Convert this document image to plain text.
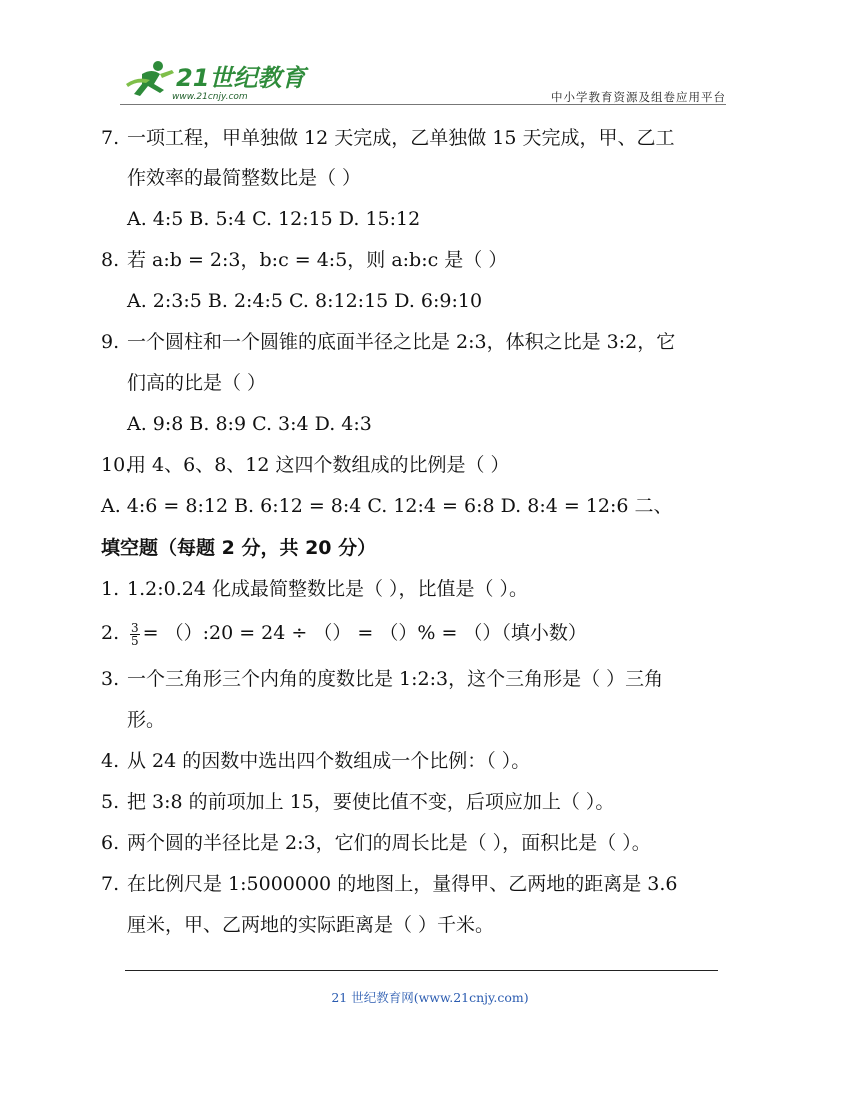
21世纪教育
www.21cnjy.com	中小学教育资源及组卷应用平台
7. 一项工程，甲单独做 12 天完成，乙单独做 15 天完成，甲、乙工
作效率的最简整数比是（ ）
A. 4:5 B. 5:4 C. 12:15 D. 15:12
8. 若 a:b = 2:3，b:c = 4:5，则 a:b:c 是（ ）
A. 2:3:5 B. 2:4:5 C. 8:12:15 D. 6:9:10
9. 一个圆柱和一个圆锥的底面半径之比是 2:3，体积之比是 3:2，它
们高的比是（ ）
A. 9:8 B. 8:9 C. 3:4 D. 4:3
10.用 4、6、8、12 这四个数组成的比例是（ ）
A. 4:6 = 8:12 B. 6:12 = 8:4 C. 12:4 = 6:8 D. 8:4 = 12:6 二、
填空题（每题 2 分，共 20 分）
1. 1.2:0.24 化成最简整数比是（ ），比值是（ ）。
2. $\frac{3}{5}$ = （）:20 = 24 ÷ （） = （）% = （）（填小数）
3. 一个三角形三个内角的度数比是 1:2:3，这个三角形是（ ）三角
形。
4. 从 24 的因数中选出四个数组成一个比例：（ ）。
5. 把 3:8 的前项加上 15，要使比值不变，后项应加上（ ）。
6. 两个圆的半径比是 2:3，它们的周长比是（ ），面积比是（ ）。
7. 在比例尺是 1:5000000 的地图上，量得甲、乙两地的距离是 3.6
厘米，甲、乙两地的实际距离是（ ）千米。
21 世纪教育网(www.21cnjy.com)
